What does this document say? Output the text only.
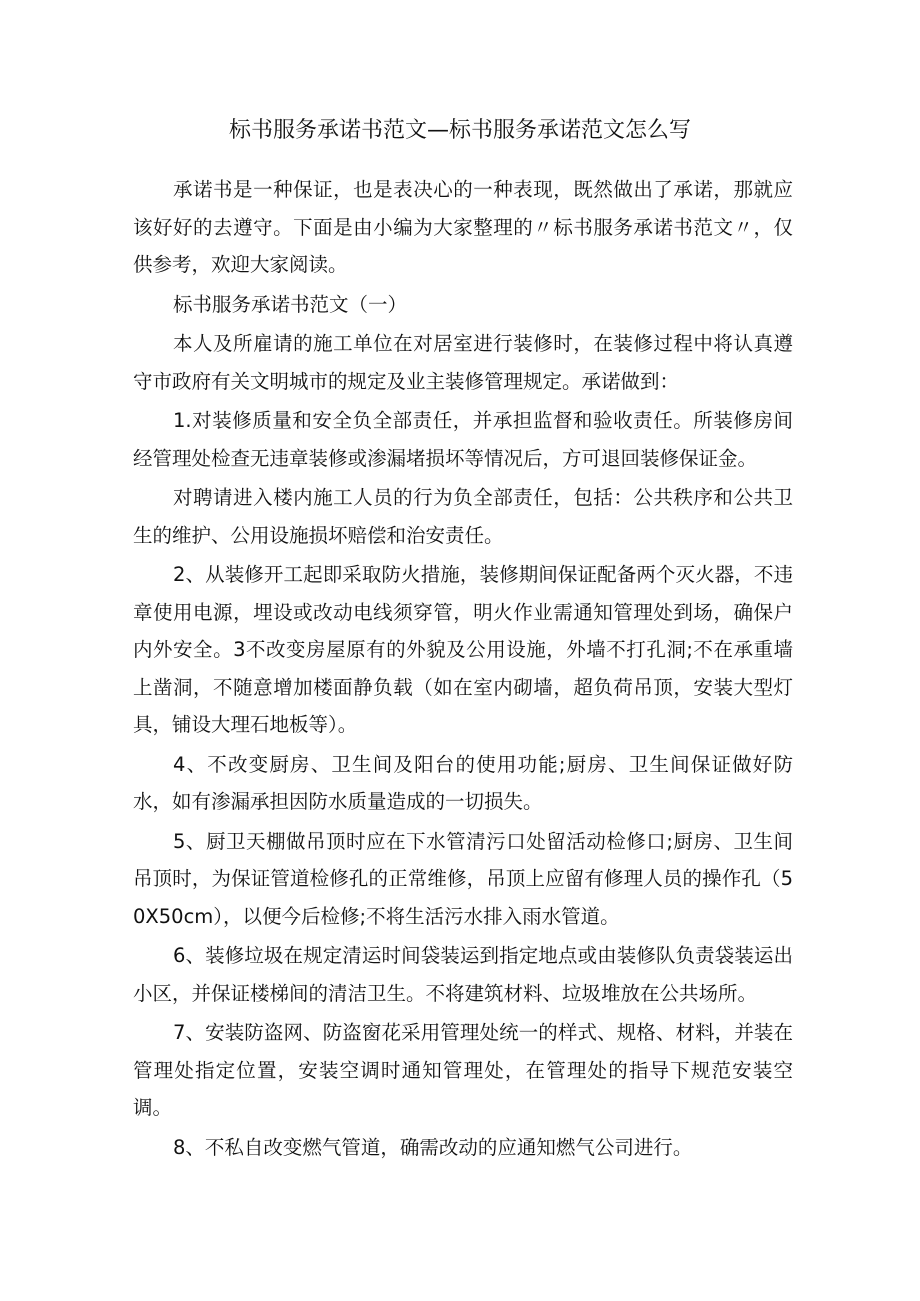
标书服务承诺书范文—标书服务承诺范文怎么写

承诺书是一种保证，也是表决心的一种表现，既然做出了承诺，那就应该好好的去遵守。下面是由小编为大家整理的〃标书服务承诺书范文〃，仅供参考，欢迎大家阅读。

标书服务承诺书范文（一）

本人及所雇请的施工单位在对居室进行装修时，在装修过程中将认真遵守市政府有关文明城市的规定及业主装修管理规定。承诺做到：

1.对装修质量和安全负全部责任，并承担监督和验收责任。所装修房间经管理处检查无违章装修或渗漏堵损坏等情况后，方可退回装修保证金。

对聘请进入楼内施工人员的行为负全部责任，包括：公共秩序和公共卫生的维护、公用设施损坏赔偿和治安责任。

2、从装修开工起即采取防火措施，装修期间保证配备两个灭火器，不违章使用电源，埋设或改动电线须穿管，明火作业需通知管理处到场，确保户内外安全。3不改变房屋原有的外貌及公用设施，外墙不打孔洞;不在承重墙上凿洞，不随意增加楼面静负载（如在室内砌墙，超负荷吊顶，安装大型灯具，铺设大理石地板等）。

4、不改变厨房、卫生间及阳台的使用功能;厨房、卫生间保证做好防水，如有渗漏承担因防水质量造成的一切损失。

5、厨卫天棚做吊顶时应在下水管清污口处留活动检修口;厨房、卫生间吊顶时，为保证管道检修孔的正常维修，吊顶上应留有修理人员的操作孔（50X50cm），以便今后检修;不将生活污水排入雨水管道。

6、装修垃圾在规定清运时间袋装运到指定地点或由装修队负责袋装运出小区，并保证楼梯间的清洁卫生。不将建筑材料、垃圾堆放在公共场所。

7、安装防盗网、防盗窗花采用管理处统一的样式、规格、材料，并装在管理处指定位置，安装空调时通知管理处，在管理处的指导下规范安装空调。

8、不私自改变燃气管道，确需改动的应通知燃气公司进行。
